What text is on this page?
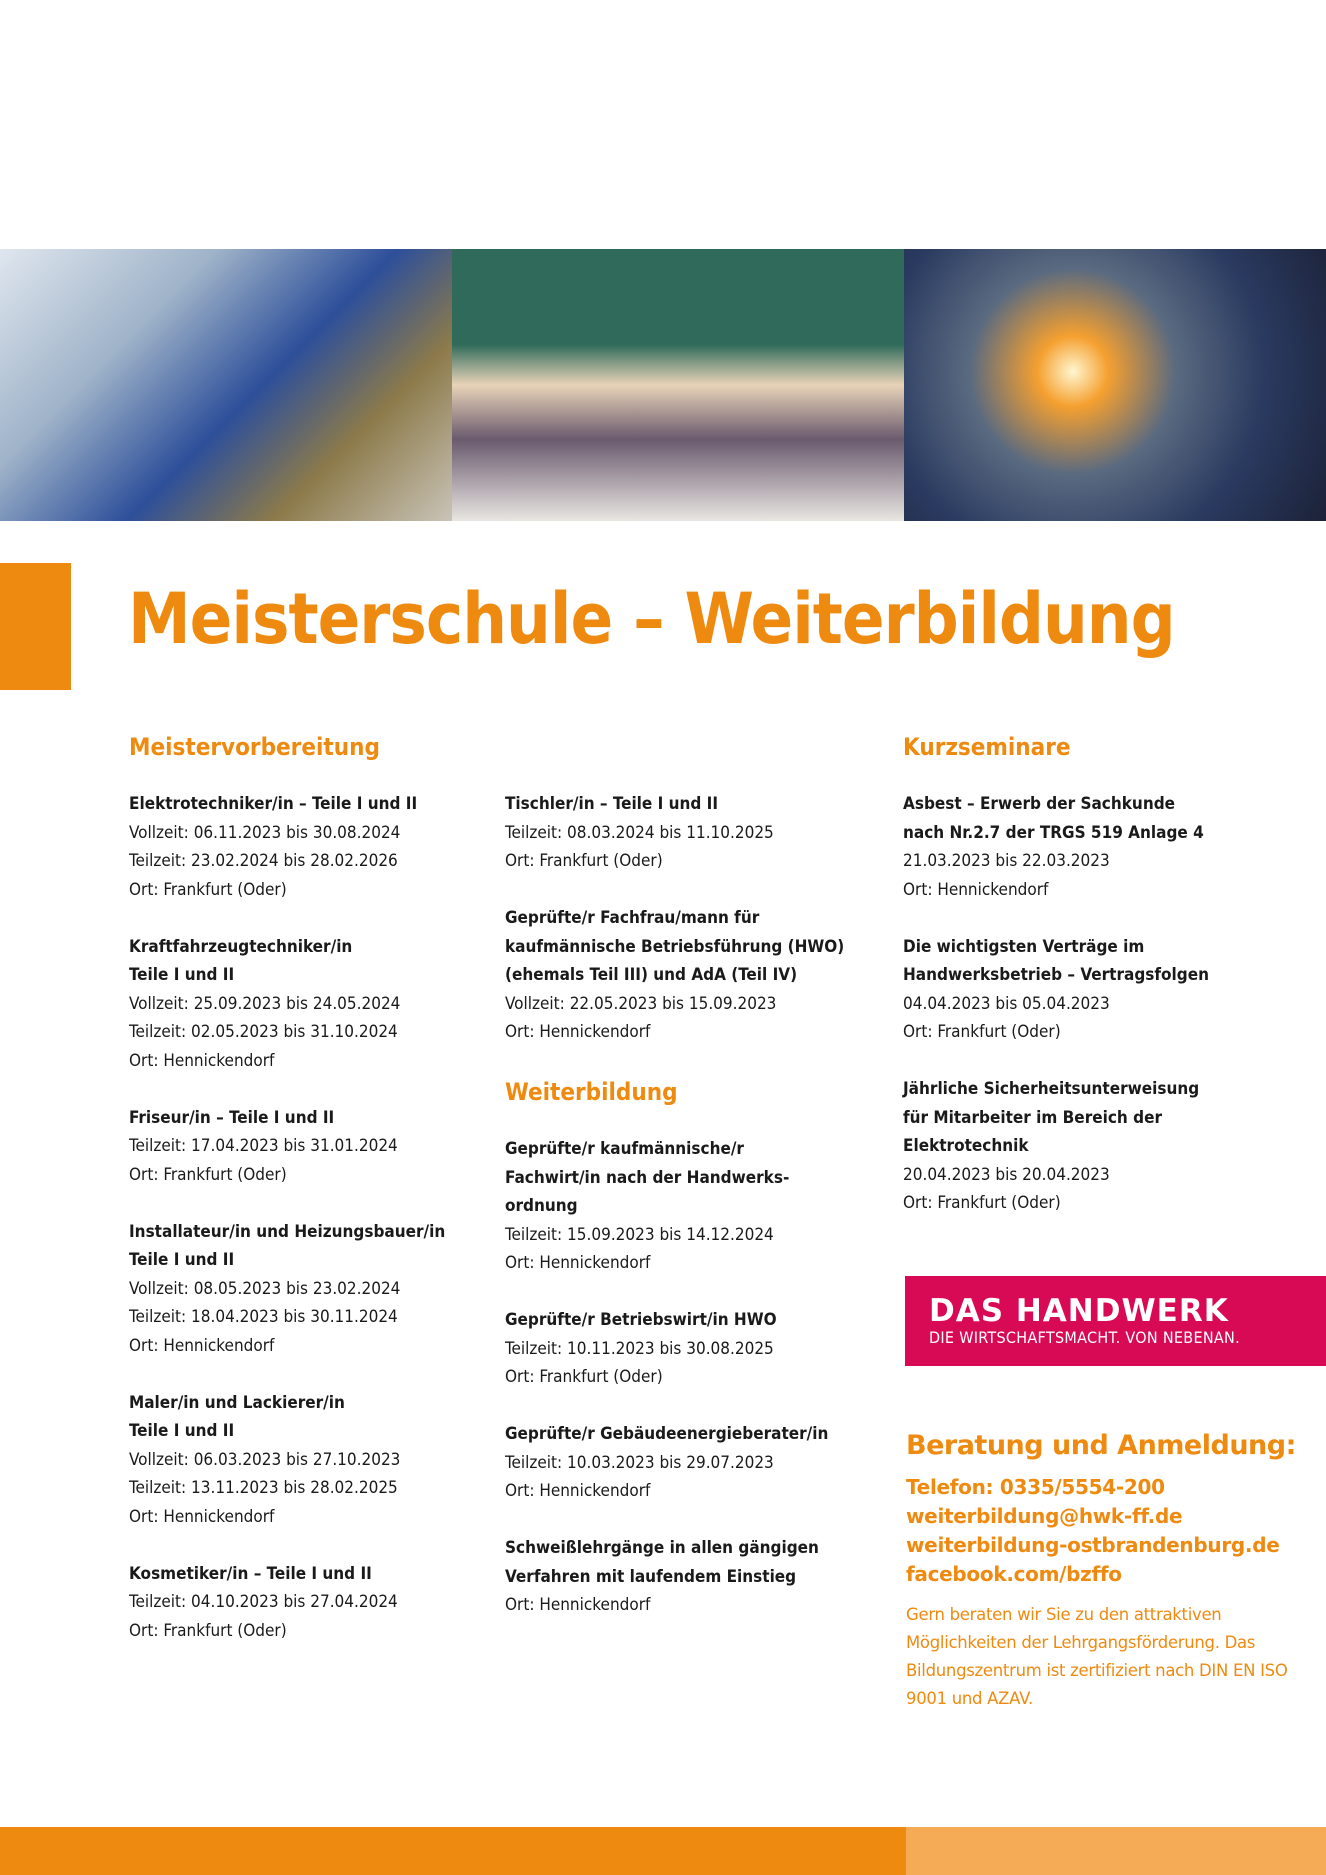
Meisterschule – Weiterbildung
Meistervorbereitung
Elektrotechniker/in – Teile I und II
Vollzeit: 06.11.2023 bis 30.08.2024
Teilzeit: 23.02.2024 bis 28.02.2026
Ort: Frankfurt (Oder)
Kraftfahrzeugtechniker/in
Teile I und II
Vollzeit: 25.09.2023 bis 24.05.2024
Teilzeit: 02.05.2023 bis 31.10.2024
Ort: Hennickendorf
Friseur/in – Teile I und II
Teilzeit: 17.04.2023 bis 31.01.2024
Ort: Frankfurt (Oder)
Installateur/in und Heizungsbauer/in
Teile I und II
Vollzeit: 08.05.2023 bis 23.02.2024
Teilzeit: 18.04.2023 bis 30.11.2024
Ort: Hennickendorf
Maler/in und Lackierer/in
Teile I und II
Vollzeit: 06.03.2023 bis 27.10.2023
Teilzeit: 13.11.2023 bis 28.02.2025
Ort: Hennickendorf
Kosmetiker/in – Teile I und II
Teilzeit: 04.10.2023 bis 27.04.2024
Ort: Frankfurt (Oder)
Tischler/in – Teile I und II
Teilzeit: 08.03.2024 bis 11.10.2025
Ort: Frankfurt (Oder)
Geprüfte/r Fachfrau/mann für
kaufmännische Betriebsführung (HWO)
(ehemals Teil III) und AdA (Teil IV)
Vollzeit: 22.05.2023 bis 15.09.2023
Ort: Hennickendorf
Weiterbildung
Geprüfte/r kaufmännische/r
Fachwirt/in nach der Handwerks-
ordnung
Teilzeit: 15.09.2023 bis 14.12.2024
Ort: Hennickendorf
Geprüfte/r Betriebswirt/in HWO
Teilzeit: 10.11.2023 bis 30.08.2025
Ort: Frankfurt (Oder)
Geprüfte/r Gebäudeenergieberater/in
Teilzeit: 10.03.2023 bis 29.07.2023
Ort: Hennickendorf
Schweißlehrgänge in allen gängigen
Verfahren mit laufendem Einstieg
Ort: Hennickendorf
Kurzseminare
Asbest – Erwerb der Sachkunde
nach Nr.2.7 der TRGS 519 Anlage 4
21.03.2023 bis 22.03.2023
Ort: Hennickendorf
Die wichtigsten Verträge im
Handwerksbetrieb – Vertragsfolgen
04.04.2023 bis 05.04.2023
Ort: Frankfurt (Oder)
Jährliche Sicherheitsunterweisung
für Mitarbeiter im Bereich der
Elektrotechnik
20.04.2023 bis 20.04.2023
Ort: Frankfurt (Oder)
DAS HANDWERK
DIE WIRTSCHAFTSMACHT. VON NEBENAN.
Beratung und Anmeldung:
Telefon: 0335/5554-200
weiterbildung@hwk-ff.de
weiterbildung-ostbrandenburg.de
facebook.com/bzffo

Gern beraten wir Sie zu den attraktiven Möglichkeiten der Lehrgangsförderung. Das Bildungszentrum ist zertifiziert nach DIN EN ISO 9001 und AZAV.
